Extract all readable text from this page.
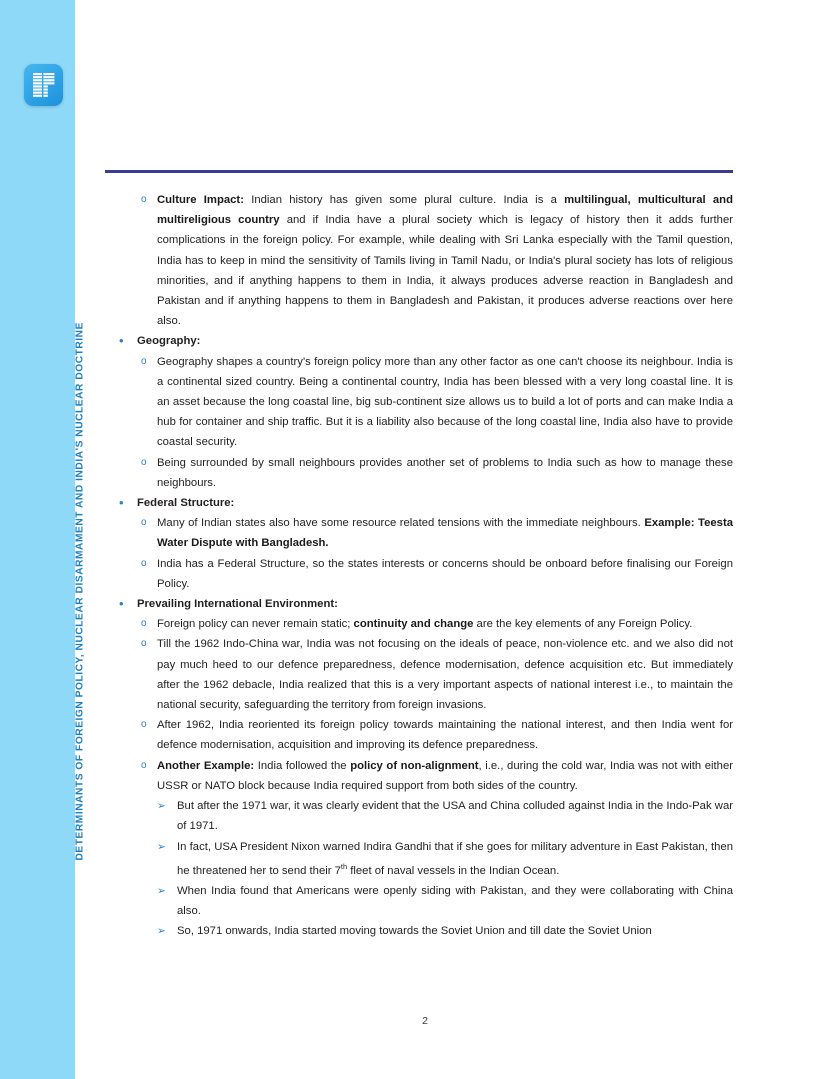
DETERMINANTS OF FOREIGN POLICY, NUCLEAR DISARMAMENT AND INDIA'S NUCLEAR DOCTRINE
o Culture Impact: Indian history has given some plural culture. India is a multilingual, multicultural and multireligious country and if India have a plural society which is legacy of history then it adds further complications in the foreign policy. For example, while dealing with Sri Lanka especially with the Tamil question, India has to keep in mind the sensitivity of Tamils living in Tamil Nadu, or India's plural society has lots of religious minorities, and if anything happens to them in India, it always produces adverse reaction in Bangladesh and Pakistan and if anything happens to them in Bangladesh and Pakistan, it produces adverse reactions over here also.
• Geography:
o Geography shapes a country's foreign policy more than any other factor as one can't choose its neighbour. India is a continental sized country. Being a continental country, India has been blessed with a very long coastal line. It is an asset because the long coastal line, big sub-continent size allows us to build a lot of ports and can make India a hub for container and ship traffic. But it is a liability also because of the long coastal line, India also have to provide coastal security.
o Being surrounded by small neighbours provides another set of problems to India such as how to manage these neighbours.
• Federal Structure:
o Many of Indian states also have some resource related tensions with the immediate neighbours. Example: Teesta Water Dispute with Bangladesh.
o India has a Federal Structure, so the states interests or concerns should be onboard before finalising our Foreign Policy.
• Prevailing International Environment:
o Foreign policy can never remain static; continuity and change are the key elements of any Foreign Policy.
o Till the 1962 Indo-China war, India was not focusing on the ideals of peace, non-violence etc. and we also did not pay much heed to our defence preparedness, defence modernisation, defence acquisition etc. But immediately after the 1962 debacle, India realized that this is a very important aspects of national interest i.e., to maintain the national security, safeguarding the territory from foreign invasions.
o After 1962, India reoriented its foreign policy towards maintaining the national interest, and then India went for defence modernisation, acquisition and improving its defence preparedness.
o Another Example: India followed the policy of non-alignment, i.e., during the cold war, India was not with either USSR or NATO block because India required support from both sides of the country.
➢ But after the 1971 war, it was clearly evident that the USA and China colluded against India in the Indo-Pak war of 1971.
➢ In fact, USA President Nixon warned Indira Gandhi that if she goes for military adventure in East Pakistan, then he threatened her to send their 7th fleet of naval vessels in the Indian Ocean.
➢ When India found that Americans were openly siding with Pakistan, and they were collaborating with China also.
➢ So, 1971 onwards, India started moving towards the Soviet Union and till date the Soviet Union
2
